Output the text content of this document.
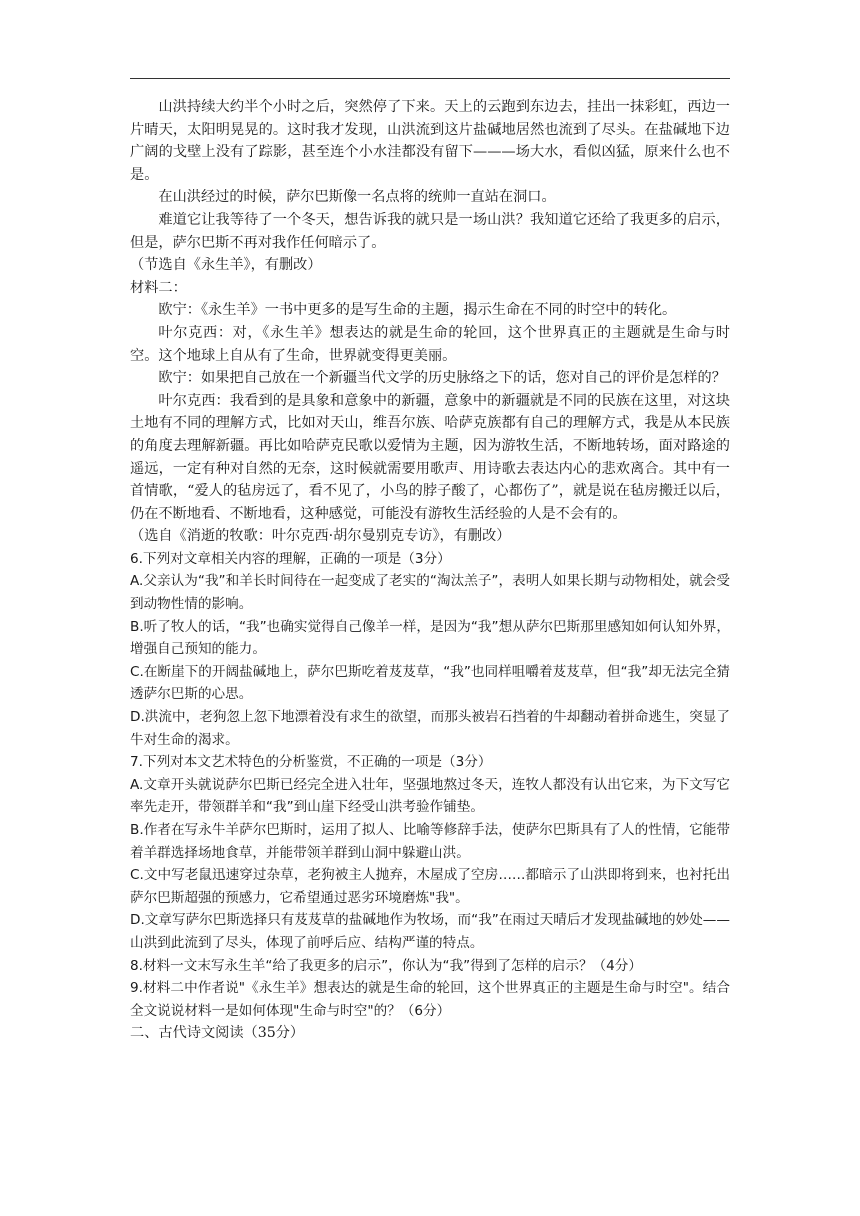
山洪持续大约半个小时之后，突然停了下来。天上的云跑到东边去，挂出一抹彩虹，西边一片晴天，太阳明晃晃的。这时我才发现，山洪流到这片盐碱地居然也流到了尽头。在盐碱地下边广阔的戈壁上没有了踪影，甚至连个小水洼都没有留下———场大水，看似凶猛，原来什么也不是。

在山洪经过的时候，萨尔巴斯像一名点将的统帅一直站在洞口。

难道它让我等待了一个冬天，想告诉我的就只是一场山洪？我知道它还给了我更多的启示，但是，萨尔巴斯不再对我作任何暗示了。

（节选自《永生羊》，有删改）

材料二：

欧宁：《永生羊》一书中更多的是写生命的主题，揭示生命在不同的时空中的转化。

叶尔克西：对，《永生羊》想表达的就是生命的轮回，这个世界真正的主题就是生命与时空。这个地球上自从有了生命，世界就变得更美丽。

欧宁：如果把自己放在一个新疆当代文学的历史脉络之下的话，您对自己的评价是怎样的？

叶尔克西：我看到的是具象和意象中的新疆，意象中的新疆就是不同的民族在这里，对这块土地有不同的理解方式，比如对天山，维吾尔族、哈萨克族都有自己的理解方式，我是从本民族的角度去理解新疆。再比如哈萨克民歌以爱情为主题，因为游牧生活，不断地转场，面对路途的遥远，一定有种对自然的无奈，这时候就需要用歌声、用诗歌去表达内心的悲欢离合。其中有一首情歌，“爱人的毡房远了，看不见了，小鸟的脖子酸了，心都伤了”，就是说在毡房搬迁以后，仍在不断地看、不断地看，这种感觉，可能没有游牧生活经验的人是不会有的。

（选自《消逝的牧歌：叶尔克西·胡尔曼别克专访》，有删改）

6.下列对文章相关内容的理解，正确的一项是（3分）

A.父亲认为“我”和羊长时间待在一起变成了老实的“淘汰羔子”，表明人如果长期与动物相处，就会受到动物性情的影响。

B.听了牧人的话，“我”也确实觉得自己像羊一样，是因为“我”想从萨尔巴斯那里感知如何认知外界，增强自己预知的能力。

C.在断崖下的开阔盐碱地上，萨尔巴斯吃着芨芨草，“我”也同样咀嚼着芨芨草，但“我”却无法完全猜透萨尔巴斯的心思。

D.洪流中，老狗忽上忽下地漂着没有求生的欲望，而那头被岩石挡着的牛却翻动着拼命逃生，突显了牛对生命的渴求。

7.下列对本文艺术特色的分析鉴赏，不正确的一项是（3分）

A.文章开头就说萨尔巴斯已经完全进入壮年，坚强地熬过冬天，连牧人都没有认出它来，为下文写它率先走开，带领群羊和“我”到山崖下经受山洪考验作铺垫。

B.作者在写永牛羊萨尔巴斯时，运用了拟人、比喻等修辞手法，使萨尔巴斯具有了人的性情，它能带着羊群选择场地食草，并能带领羊群到山洞中躲避山洪。

C.文中写老鼠迅速穿过杂草，老狗被主人抛弃，木屋成了空房……都暗示了山洪即将到来，也衬托出萨尔巴斯超强的预感力，它希望通过恶劣环境磨炼"我"。

D.文章写萨尔巴斯选择只有芨芨草的盐碱地作为牧场，而“我”在雨过天晴后才发现盐碱地的妙处——山洪到此流到了尽头，体现了前呼后应、结构严谨的特点。

8.材料一文末写永生羊“给了我更多的启示”，你认为“我”得到了怎样的启示？（4分）

9.材料二中作者说"《永生羊》想表达的就是生命的轮回，这个世界真正的主题是生命与时空"。结合全文说说材料一是如何体现"生命与时空"的？（6分）

二、古代诗文阅读（35分）
